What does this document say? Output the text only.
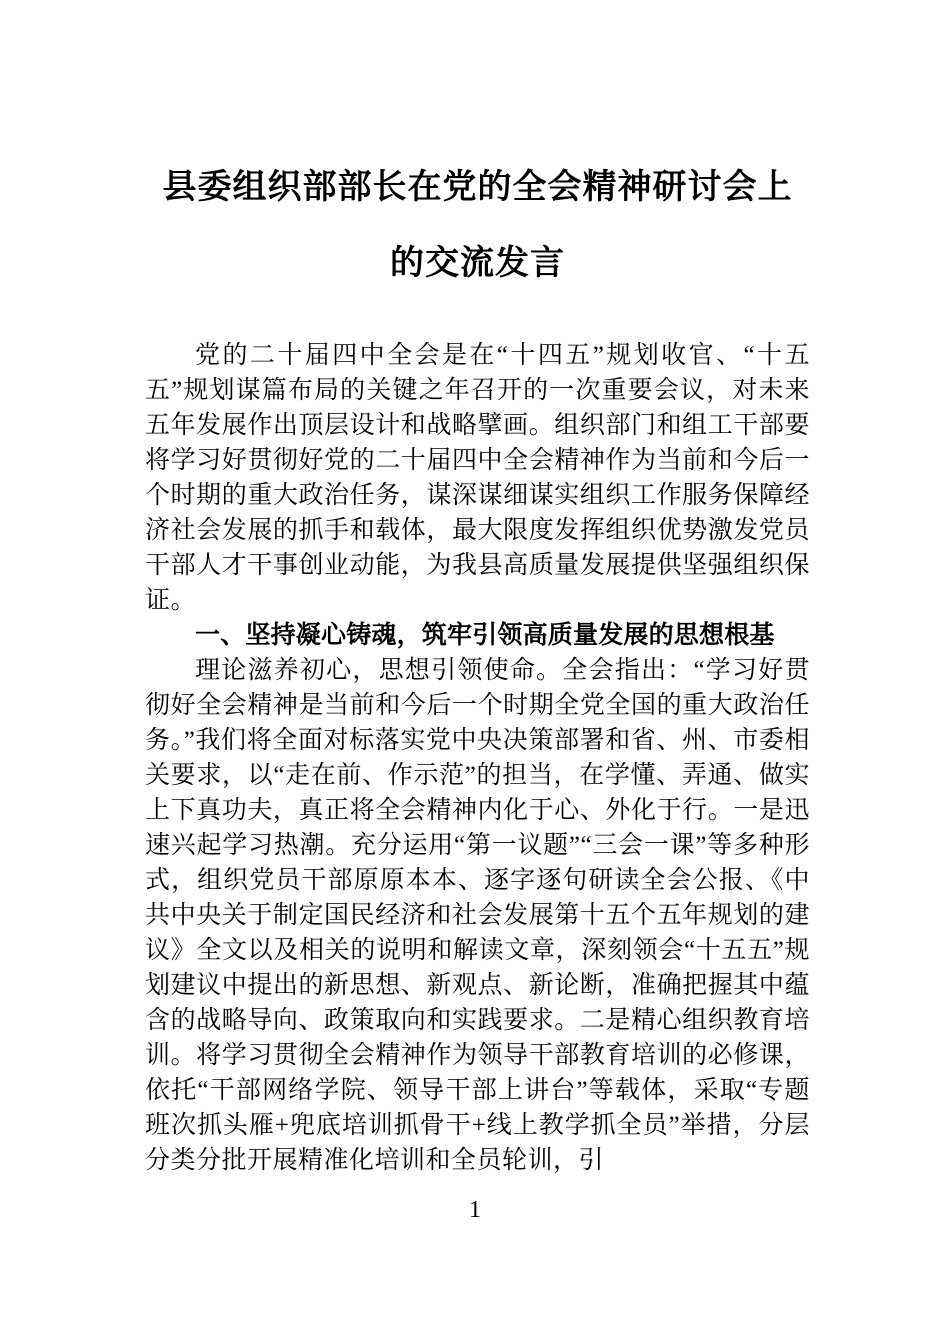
县委组织部部长在党的全会精神研讨会上
的交流发言

党的二十届四中全会是在“十四五”规划收官、“十五五”规划谋篇布局的关键之年召开的一次重要会议，对未来五年发展作出顶层设计和战略擘画。组织部门和组工干部要将学习好贯彻好党的二十届四中全会精神作为当前和今后一个时期的重大政治任务，谋深谋细谋实组织工作服务保障经济社会发展的抓手和载体，最大限度发挥组织优势激发党员干部人才干事创业动能，为我县高质量发展提供坚强组织保证。

一、坚持凝心铸魂，筑牢引领高质量发展的思想根基

理论滋养初心，思想引领使命。全会指出：“学习好贯彻好全会精神是当前和今后一个时期全党全国的重大政治任务。”我们将全面对标落实党中央决策部署和省、州、市委相关要求，以“走在前、作示范”的担当，在学懂、弄通、做实上下真功夫，真正将全会精神内化于心、外化于行。一是迅速兴起学习热潮。充分运用“第一议题”“三会一课”等多种形式，组织党员干部原原本本、逐字逐句研读全会公报、《中共中央关于制定国民经济和社会发展第十五个五年规划的建议》全文以及相关的说明和解读文章，深刻领会“十五五”规划建议中提出的新思想、新观点、新论断，准确把握其中蕴含的战略导向、政策取向和实践要求。二是精心组织教育培训。将学习贯彻全会精神作为领导干部教育培训的必修课，依托“干部网络学院、领导干部上讲台”等载体，采取“专题班次抓头雁+兜底培训抓骨干+线上教学抓全员”举措，分层分类分批开展精准化培训和全员轮训，引

1
